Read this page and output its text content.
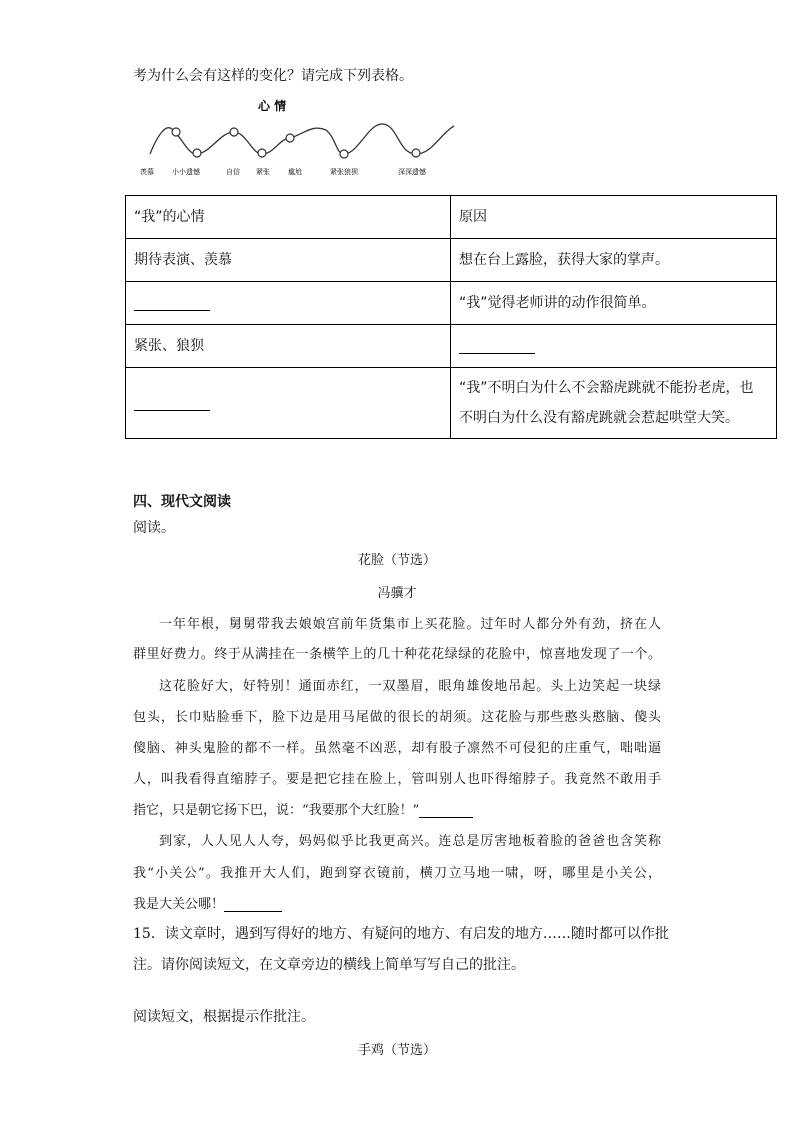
考为什么会有这样的变化？请完成下列表格。
心 情
羡慕	小小遗憾	自信 紧张	尴尬	紧张狼狈	深深遗憾
“我”的心情	原因
期待表演、羡慕	想在台上露脸，获得大家的掌声。
	“我”觉得老师讲的动作很简单。
紧张、狼狈	

	“我”不明白为什么不会豁虎跳就不能扮老虎，也
不明白为什么没有豁虎跳就会惹起哄堂大笑。
四、现代文阅读
阅读。
花脸（节选）
冯骥才
一年年根，舅舅带我去娘娘宫前年货集市上买花脸。过年时人都分外有劲，挤在人
群里好费力。终于从满挂在一条横竿上的几十种花花绿绿的花脸中，惊喜地发现了一个。
这花脸好大，好特别！通面赤红，一双墨眉，眼角雄俊地吊起。头上边笑起一块绿
包头，长巾贴脸垂下，脸下边是用马尾做的很长的胡须。这花脸与那些憨头憨脑、傻头
傻脑、神头鬼脸的都不一样。虽然毫不凶恶，却有股子凛然不可侵犯的庄重气，咄咄逼
人，叫我看得直缩脖子。要是把它挂在脸上，管叫别人也吓得缩脖子。我竟然不敢用手
指它，只是朝它扬下巴，说：“我要那个大红脸！”
到家，人人见人人夸，妈妈似乎比我更高兴。连总是厉害地板着脸的爸爸也含笑称
我“小关公”。我推开大人们，跑到穿衣镜前，横刀立马地一啸，呀，哪里是小关公，
我是大关公哪！
15．读文章时，遇到写得好的地方、有疑问的地方、有启发的地方……随时都可以作批
注。请你阅读短文，在文章旁边的横线上简单写写自己的批注。
阅读短文，根据提示作批注。
手鸡（节选）
